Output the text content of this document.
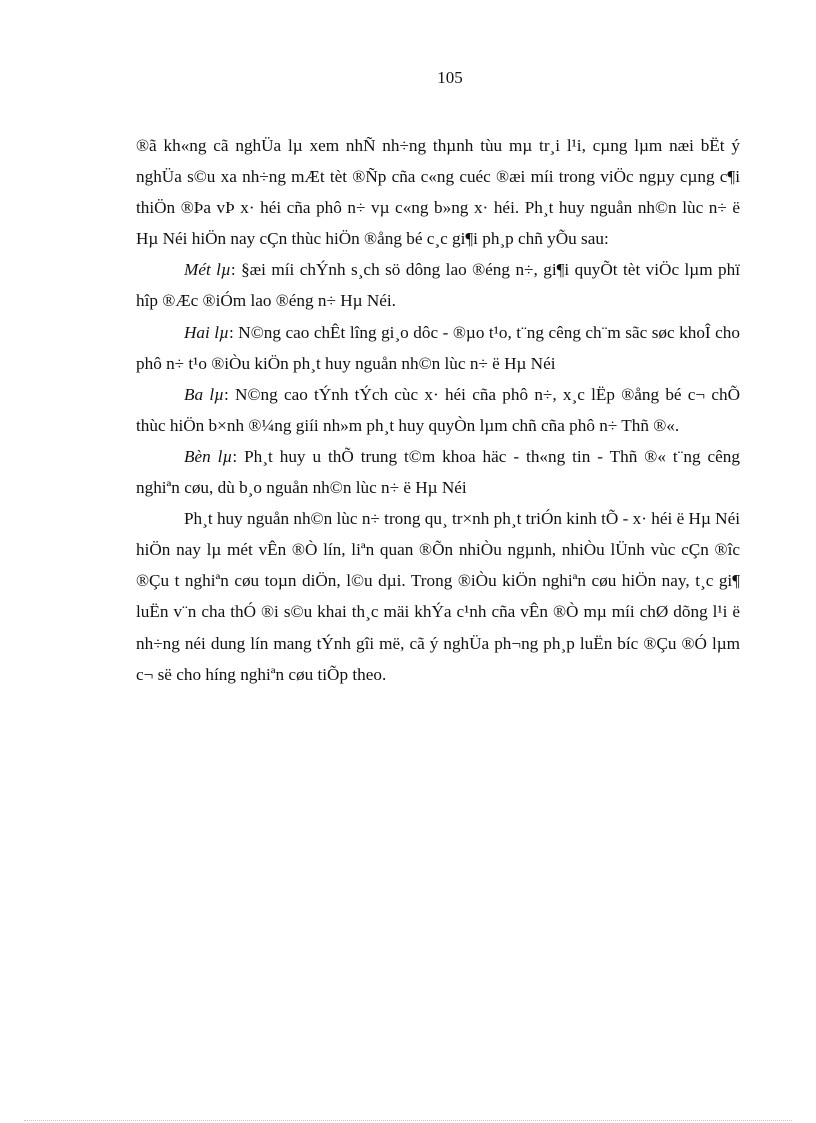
105

®ã kh«ng cã nghÜa lµ xem nhÑ nh÷ng thµnh tùu mµ tr¸i l¹i, cµng lµm næi bËt ý nghÜa s©u xa nh÷ng mÆt tèt ®Ñp cña c«ng cuéc ®æi míi trong viÖc ngµy cµng c¶i thiÖn ®Þa vÞ x· héi cña phô n÷ vµ c«ng b»ng x· héi. Ph¸t huy nguån nh©n lùc n÷ ë Hµ Néi hiÖn nay cÇn thùc hiÖn ®ång bé c¸c gi¶i ph¸p chñ yÕu sau:

Mét lµ: §æi míi chÝnh s¸ch sö dông lao ®éng n÷, gi¶i quyÕt tèt viÖc lµm phï hîp ®Æc ®iÓm lao ®éng n÷ Hµ Néi.

Hai lµ: N©ng cao chÊt lîng gi¸o dôc - ®µo t¹o, t¨ng cêng ch¨m sãc søc khoÎ cho phô n÷ t¹o ®iÒu kiÖn ph¸t huy nguån nh©n lùc n÷ ë Hµ Néi

Ba lµ: N©ng cao tÝnh tÝch cùc x· héi cña phô n÷, x¸c lËp ®ång bé c¬ chÕ thùc hiÖn b×nh ®¼ng giíi nh»m ph¸t huy quyÒn lµm chñ cña phô n÷ Thñ ®«.

Bèn lµ: Ph¸t huy u thÕ trung t©m khoa häc - th«ng tin - Thñ ®« t¨ng cêng nghiªn cøu, dù b¸o nguån nh©n lùc n÷ ë Hµ Néi

Ph¸t huy nguån nh©n lùc n÷ trong qu¸ tr×nh ph¸t triÓn kinh tÕ - x· héi ë Hµ Néi hiÖn nay lµ mét vÊn ®Ò lín, liªn quan ®Õn nhiÒu ngµnh, nhiÒu lÜnh vùc cÇn ®îc ®Çu t nghiªn cøu toµn diÖn, l©u dµi. Trong ®iÒu kiÖn nghiªn cøu hiÖn nay, t¸c gi¶ luËn v¨n cha thÓ ®i s©u khai th¸c mäi khÝa c¹nh cña vÊn ®Ò mµ míi chØ dõng l¹i ë nh÷ng néi dung lín mang tÝnh gîi më, cã ý nghÜa ph¬ng ph¸p luËn bíc ®Çu ®Ó lµm c¬ së cho híng nghiªn cøu tiÕp theo.
